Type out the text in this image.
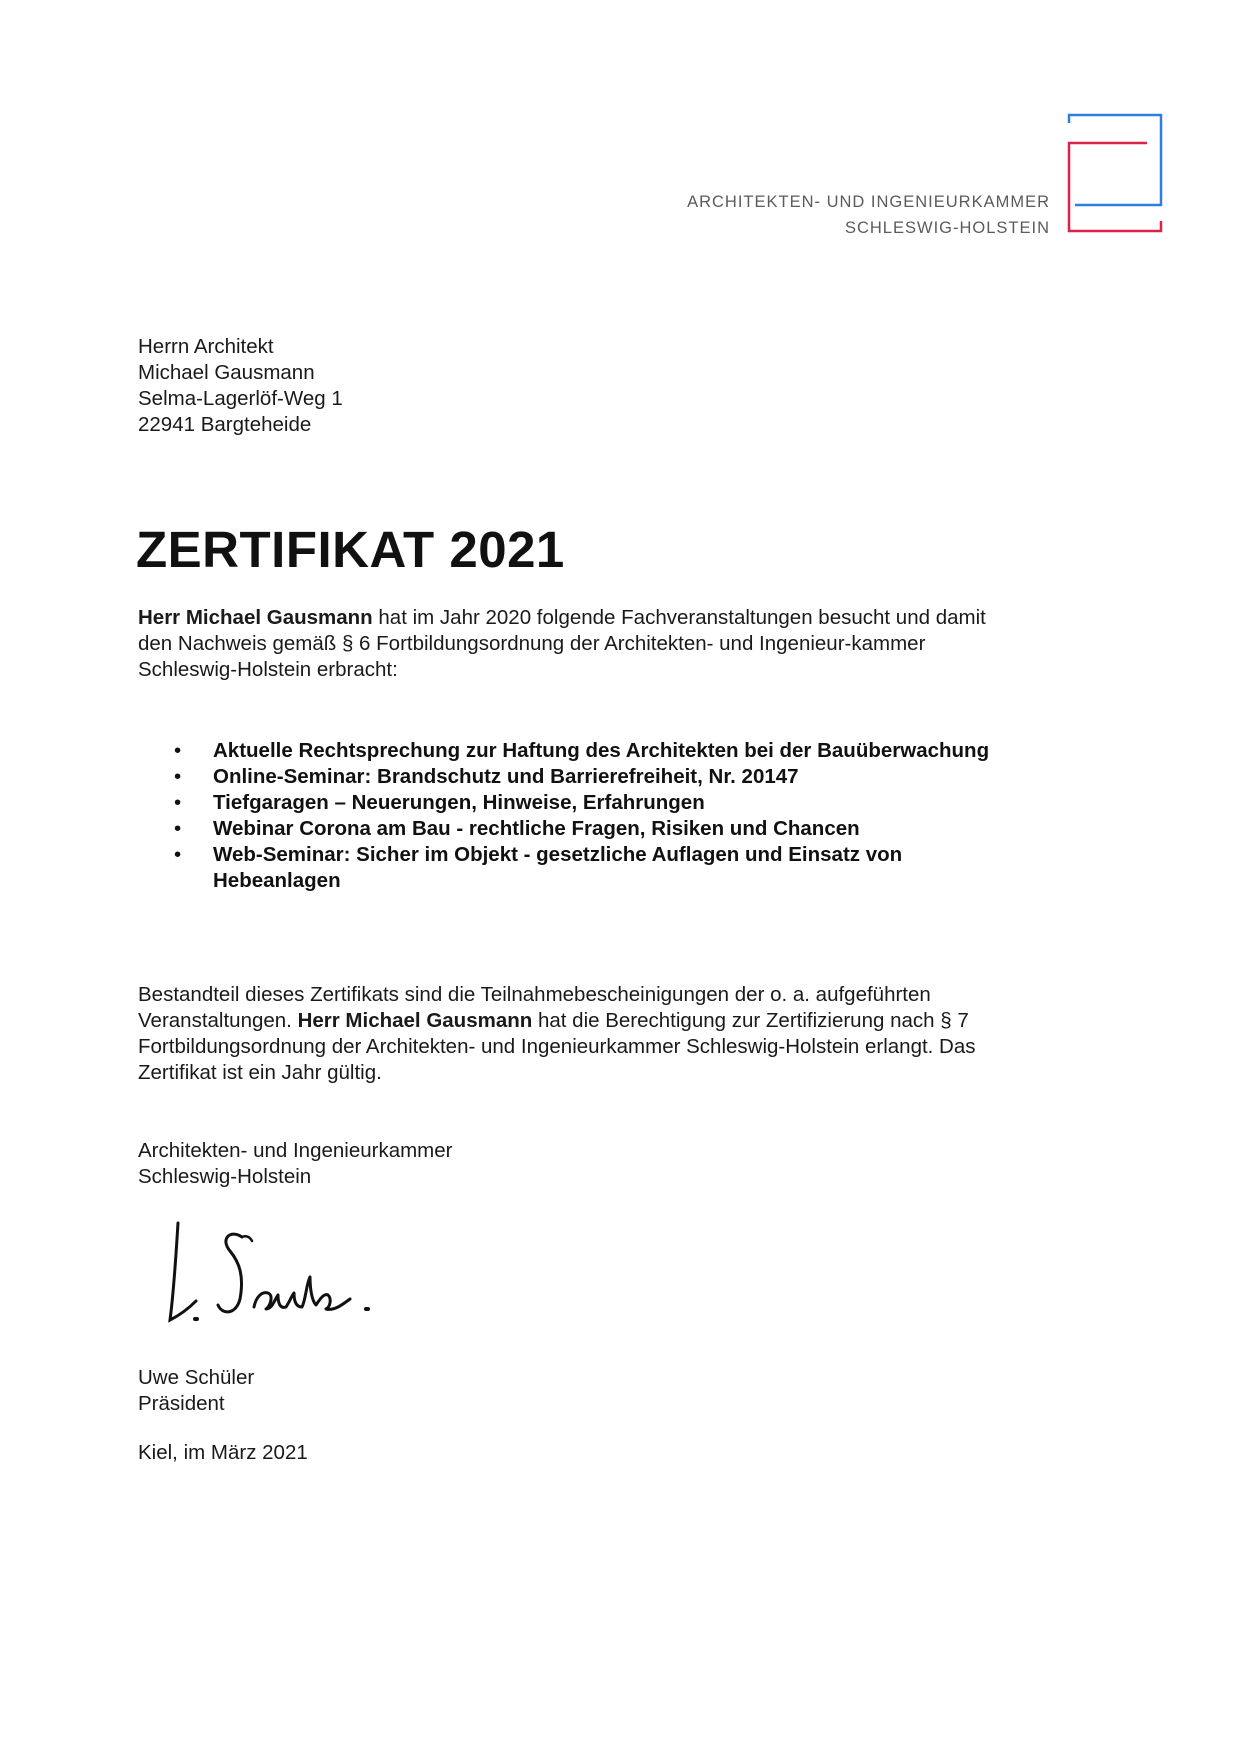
ARCHITEKTEN- UND INGENIEURKAMMER
SCHLESWIG-HOLSTEIN
Herrn Architekt
Michael Gausmann
Selma-Lagerlöf-Weg 1
22941 Bargteheide
ZERTIFIKAT 2021
Herr Michael Gausmann hat im Jahr 2020 folgende Fachveranstaltungen besucht und damit den Nachweis gemäß § 6 Fortbildungsordnung der Architekten- und Ingenieur-kammer Schleswig-Holstein erbracht:
• Aktuelle Rechtsprechung zur Haftung des Architekten bei der Bauüberwachung
• Online-Seminar: Brandschutz und Barrierefreiheit, Nr. 20147
• Tiefgaragen – Neuerungen, Hinweise, Erfahrungen
• Webinar Corona am Bau - rechtliche Fragen, Risiken und Chancen
• Web-Seminar: Sicher im Objekt - gesetzliche Auflagen und Einsatz von Hebeanlagen
Bestandteil dieses Zertifikats sind die Teilnahmebescheinigungen der o. a. aufgeführten Veranstaltungen. Herr Michael Gausmann hat die Berechtigung zur Zertifizierung nach § 7 Fortbildungsordnung der Architekten- und Ingenieurkammer Schleswig-Holstein erlangt. Das Zertifikat ist ein Jahr gültig.
Architekten- und Ingenieurkammer
Schleswig-Holstein
Uwe Schüler
Präsident
Kiel, im März 2021
